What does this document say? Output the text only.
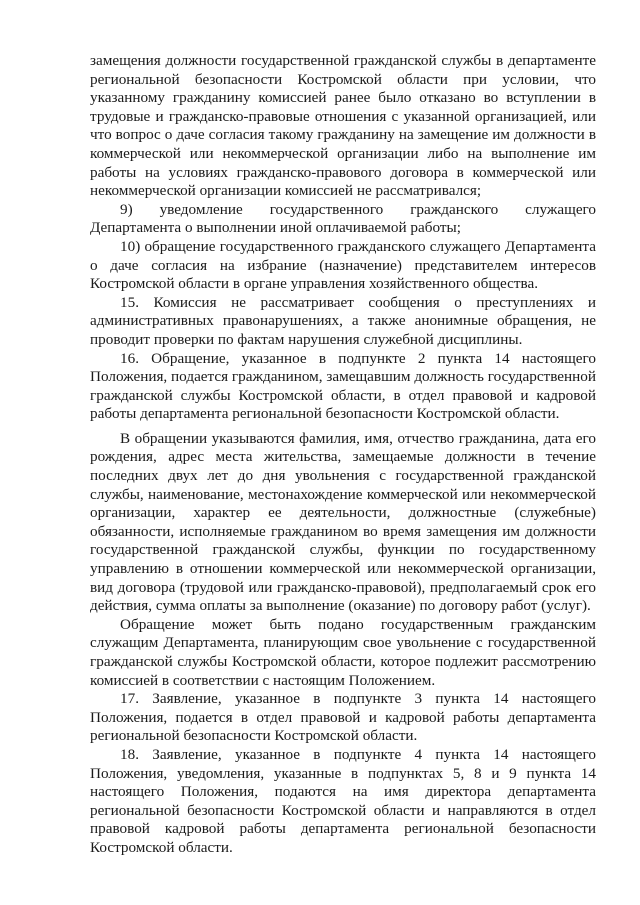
замещения должности государственной гражданской службы в департаменте региональной безопасности Костромской области при условии, что указанному гражданину комиссией ранее было отказано во вступлении в трудовые и гражданско-правовые отношения с указанной организацией, или что вопрос о даче согласия такому гражданину на замещение им должности в коммерческой или некоммерческой организации либо на выполнение им работы на условиях гражданско-правового договора в коммерческой или некоммерческой организации комиссией не рассматривался;

9) уведомление государственного гражданского служащего Департамента о выполнении иной оплачиваемой работы;

10) обращение государственного гражданского служащего Департамента о даче согласия на избрание (назначение) представителем интересов Костромской области в органе управления хозяйственного общества.

15. Комиссия не рассматривает сообщения о преступлениях и административных правонарушениях, а также анонимные обращения, не проводит проверки по фактам нарушения служебной дисциплины.

16. Обращение, указанное в подпункте 2 пункта 14 настоящего Положения, подается гражданином, замещавшим должность государственной гражданской службы Костромской области, в отдел правовой и кадровой работы департамента региональной безопасности Костромской области.

В обращении указываются фамилия, имя, отчество гражданина, дата его рождения, адрес места жительства, замещаемые должности в течение последних двух лет до дня увольнения с государственной гражданской службы, наименование, местонахождение коммерческой или некоммерческой организации, характер ее деятельности, должностные (служебные) обязанности, исполняемые гражданином во время замещения им должности государственной гражданской службы, функции по государственному управлению в отношении коммерческой или некоммерческой организации, вид договора (трудовой или гражданско-правовой), предполагаемый срок его действия, сумма оплаты за выполнение (оказание) по договору работ (услуг).

Обращение может быть подано государственным гражданским служащим Департамента, планирующим свое увольнение с государственной гражданской службы Костромской области, которое подлежит рассмотрению комиссией в соответствии с настоящим Положением.

17. Заявление, указанное в подпункте 3 пункта 14 настоящего Положения, подается в отдел правовой и кадровой работы департамента региональной безопасности Костромской области.

18. Заявление, указанное в подпункте 4 пункта 14 настоящего Положения, уведомления, указанные в подпунктах 5, 8 и 9 пункта 14 настоящего Положения, подаются на имя директора департамента региональной безопасности Костромской области и направляются в отдел правовой кадровой работы департамента региональной безопасности Костромской области.
